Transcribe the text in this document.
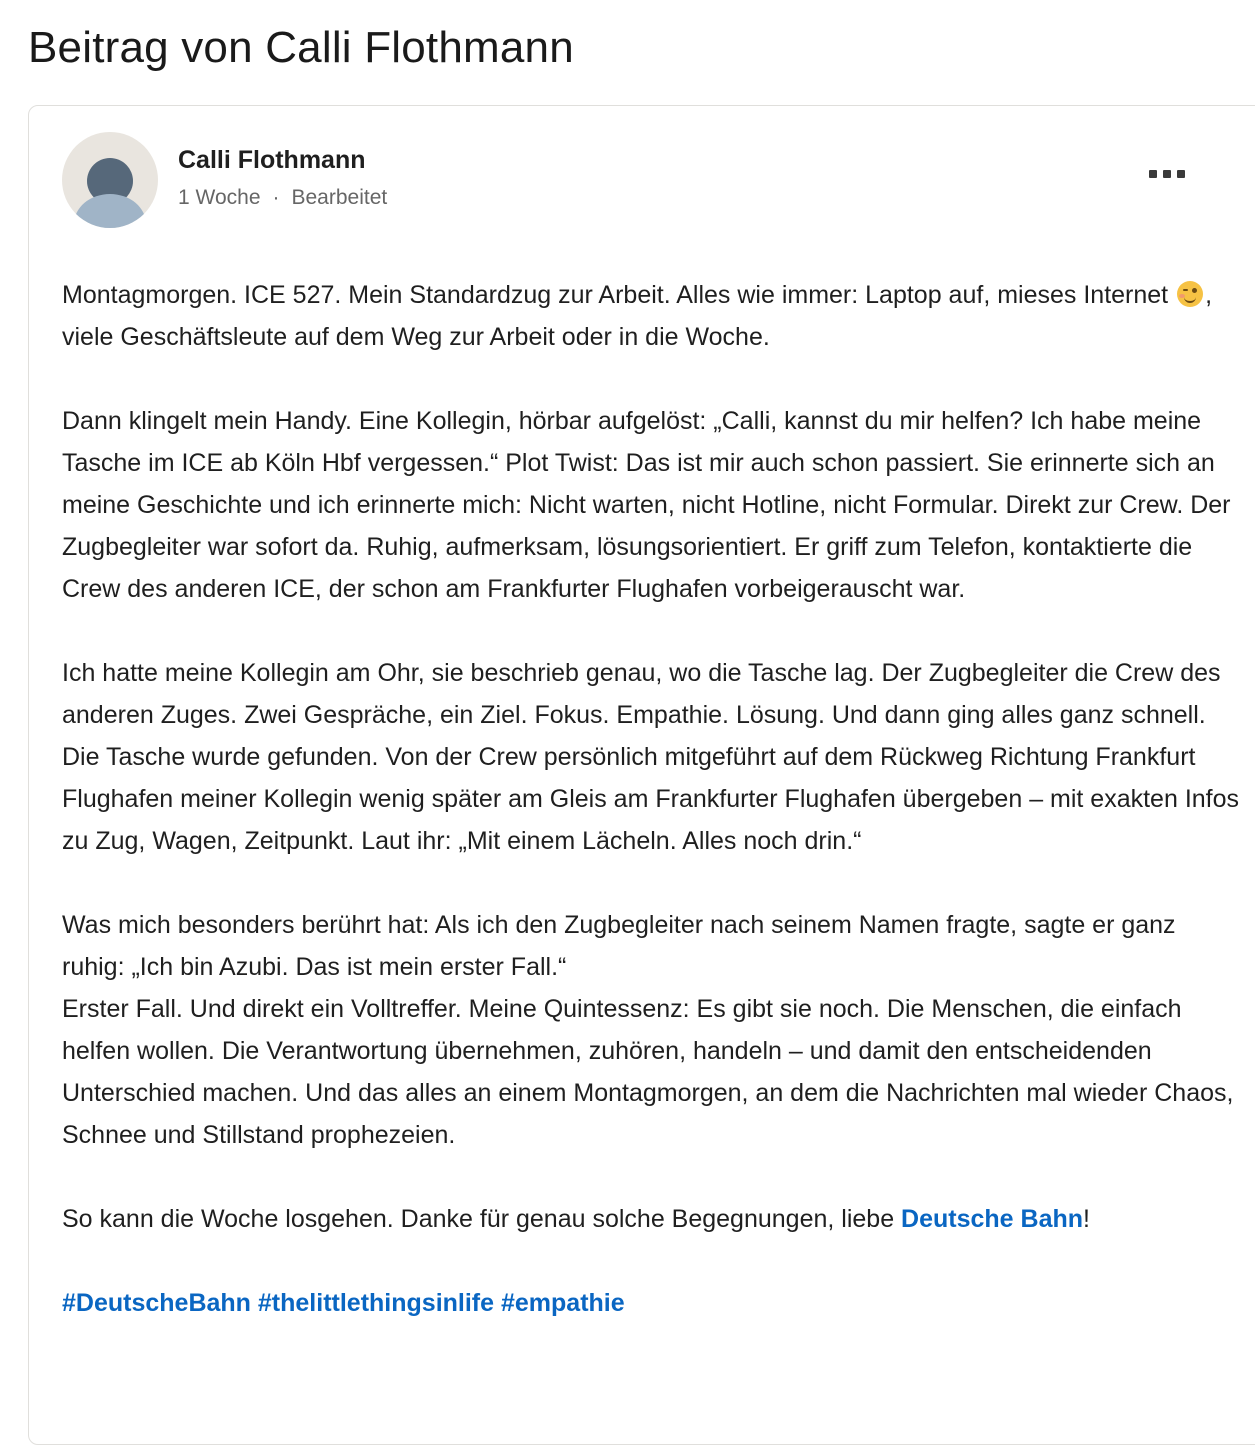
Beitrag von Calli Flothmann
Calli Flothmann
1 Woche · Bearbeitet

Montagmorgen. ICE 527. Mein Standardzug zur Arbeit. Alles wie immer: Laptop auf, mieses Internet
, viele Geschäftsleute auf dem Weg zur Arbeit oder in die Woche.

Dann klingelt mein Handy. Eine Kollegin, hörbar aufgelöst: „Calli, kannst du mir helfen? Ich habe meine Tasche im ICE ab Köln Hbf vergessen.“ Plot Twist: Das ist mir auch schon passiert. Sie erinnerte sich an meine Geschichte und ich erinnerte mich: Nicht warten, nicht Hotline, nicht Formular. Direkt zur Crew. Der Zugbegleiter war sofort da. Ruhig, aufmerksam, lösungsorientiert. Er griff zum Telefon, kontaktierte die Crew des anderen ICE, der schon am Frankfurter Flughafen vorbeigerauscht war.

Ich hatte meine Kollegin am Ohr, sie beschrieb genau, wo die Tasche lag. Der Zugbegleiter die Crew des anderen Zuges. Zwei Gespräche, ein Ziel. Fokus. Empathie. Lösung. Und dann ging alles ganz schnell. Die Tasche wurde gefunden. Von der Crew persönlich mitgeführt auf dem Rückweg Richtung Frankfurt Flughafen meiner Kollegin wenig später am Gleis am Frankfurter Flughafen übergeben – mit exakten Infos zu Zug, Wagen, Zeitpunkt. Laut ihr: „Mit einem Lächeln. Alles noch drin.“

Was mich besonders berührt hat: Als ich den Zugbegleiter nach seinem Namen fragte, sagte er ganz ruhig: „Ich bin Azubi. Das ist mein erster Fall.“

Erster Fall. Und direkt ein Volltreffer. Meine Quintessenz: Es gibt sie noch. Die Menschen, die einfach helfen wollen. Die Verantwortung übernehmen, zuhören, handeln – und damit den entscheidenden Unterschied machen. Und das alles an einem Montagmorgen, an dem die Nachrichten mal wieder Chaos, Schnee und Stillstand prophezeien.

So kann die Woche losgehen. Danke für genau solche Begegnungen, liebe Deutsche Bahn!

#DeutscheBahn #thelittlethingsinlife #empathie
